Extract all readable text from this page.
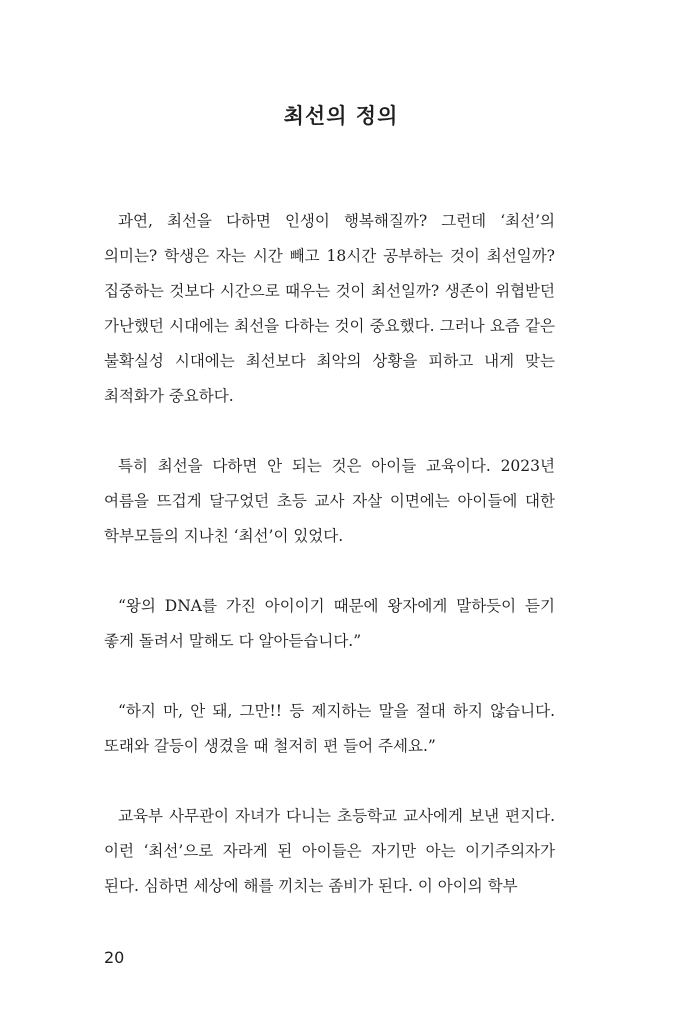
최선의 정의

과연, 최선을 다하면 인생이 행복해질까? 그런데 ‘최선’의 의미는? 학생은 자는 시간 빼고 18시간 공부하는 것이 최선일까? 집중하는 것보다 시간으로 때우는 것이 최선일까? 생존이 위협받던 가난했던 시대에는 최선을 다하는 것이 중요했다. 그러나 요즘 같은 불확실성 시대에는 최선보다 최악의 상황을 피하고 내게 맞는 최적화가 중요하다.

특히 최선을 다하면 안 되는 것은 아이들 교육이다. 2023년 여름을 뜨겁게 달구었던 초등 교사 자살 이면에는 아이들에 대한 학부모들의 지나친 ‘최선’이 있었다.

“왕의 DNA를 가진 아이이기 때문에 왕자에게 말하듯이 듣기 좋게 돌려서 말해도 다 알아듣습니다.”

“하지 마, 안 돼, 그만!! 등 제지하는 말을 절대 하지 않습니다. 또래와 갈등이 생겼을 때 철저히 편 들어 주세요.”

교육부 사무관이 자녀가 다니는 초등학교 교사에게 보낸 편지다. 이런 ‘최선’으로 자라게 된 아이들은 자기만 아는 이기주의자가 된다. 심하면 세상에 해를 끼치는 좀비가 된다. 이 아이의 학부

20
